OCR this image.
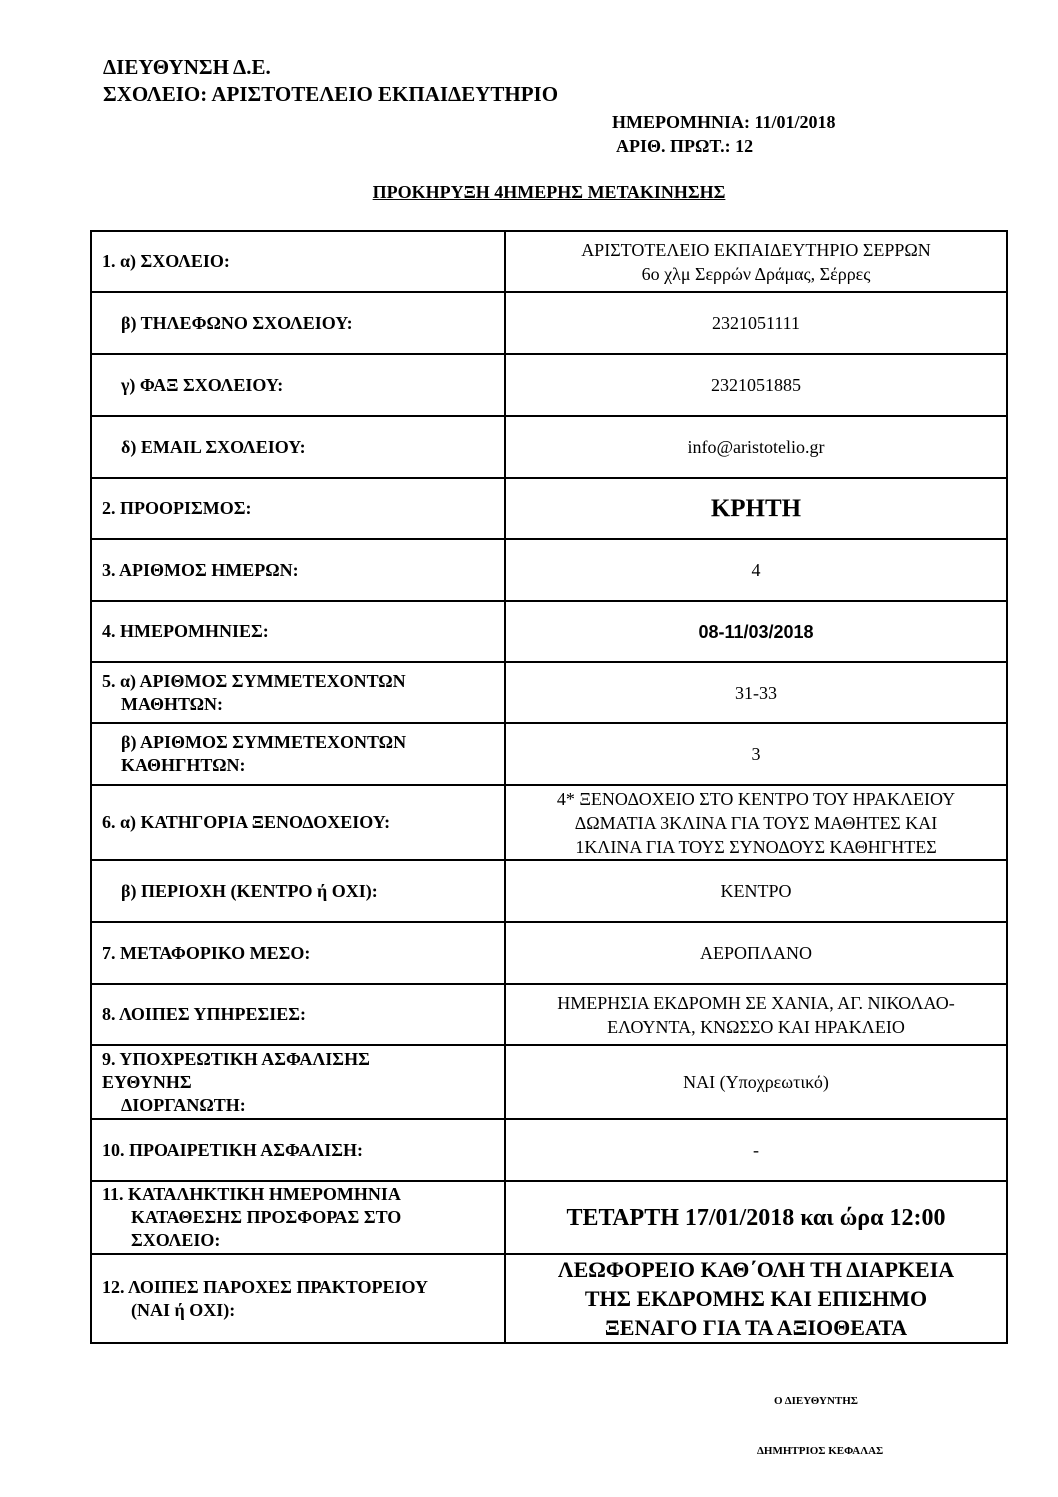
ΔΙΕΥΘΥΝΣΗ Δ.Ε.
ΣΧΟΛΕΙΟ: ΑΡΙΣΤΟΤΕΛΕΙΟ ΕΚΠΑΙΔΕΥΤΗΡΙΟ
ΗΜΕΡΟΜΗΝΙΑ: 11/01/2018
ΑΡΙΘ. ΠΡΩΤ.: 12
ΠΡΟΚΗΡΥΞΗ 4ΗΜΕΡΗΣ ΜΕΤΑΚΙΝΗΣΗΣ
1. α) ΣΧΟΛΕΙΟ:	ΑΡΙΣΤΟΤΕΛΕΙΟ ΕΚΠΑΙΔΕΥΤΗΡΙΟ ΣΕΡΡΩΝ
6ο χλμ Σερρών Δράμας, Σέρρες

β) ΤΗΛΕΦΩΝΟ ΣΧΟΛΕΙΟΥ:	2321051111

γ) ΦΑΞ ΣΧΟΛΕΙΟΥ:	2321051885

δ) EMAIL ΣΧΟΛΕΙΟΥ:	info@aristotelio.gr

2. ΠΡΟΟΡΙΣΜΟΣ:	ΚΡΗΤΗ

3. ΑΡΙΘΜΟΣ ΗΜΕΡΩΝ:	4

4. ΗΜΕΡΟΜΗΝΙΕΣ:	08-11/03/2018

5. α) ΑΡΙΘΜΟΣ ΣΥΜΜΕΤΕΧΟΝΤΩΝ
ΜΑΘΗΤΩΝ:	31-33

β) ΑΡΙΘΜΟΣ ΣΥΜΜΕΤΕΧΟΝΤΩΝ
ΚΑΘΗΓΗΤΩΝ:	3

6. α) ΚΑΤΗΓΟΡΙΑ ΞΕΝΟΔΟΧΕΙΟΥ:	4* ΞΕΝΟΔΟΧΕΙΟ ΣΤΟ ΚΕΝΤΡΟ ΤΟΥ ΗΡΑΚΛΕΙΟΥ
ΔΩΜΑΤΙΑ 3ΚΛΙΝΑ ΓΙΑ ΤΟΥΣ ΜΑΘΗΤΕΣ ΚΑΙ
1ΚΛΙΝΑ ΓΙΑ ΤΟΥΣ ΣΥΝΟΔΟΥΣ ΚΑΘΗΓΗΤΕΣ

β) ΠΕΡΙΟΧΗ (ΚΕΝΤΡΟ ή ΟΧΙ):	ΚΕΝΤΡΟ

7. ΜΕΤΑΦΟΡΙΚΟ ΜΕΣΟ:	ΑΕΡΟΠΛΑΝΟ

8. ΛΟΙΠΕΣ ΥΠΗΡΕΣΙΕΣ:	ΗΜΕΡΗΣΙΑ ΕΚΔΡΟΜΗ ΣΕ ΧΑΝΙΑ, ΑΓ. ΝΙΚΟΛΑΟ-
ΕΛΟΥΝΤΑ, ΚΝΩΣΣΟ ΚΑΙ ΗΡΑΚΛΕΙΟ

9. ΥΠΟΧΡΕΩΤΙΚΗ ΑΣΦΑΛΙΣΗΣ
ΕΥΘΥΝΗΣ
ΔΙΟΡΓΑΝΩΤΗ:	ΝΑΙ (Υποχρεωτικό)

10. ΠΡΟΑΙΡΕΤΙΚΗ ΑΣΦΑΛΙΣΗ:	-

11. ΚΑΤΑΛΗΚΤΙΚΗ ΗΜΕΡΟΜΗΝΙΑ
ΚΑΤΑΘΕΣΗΣ ΠΡΟΣΦΟΡΑΣ ΣΤΟ
ΣΧΟΛΕΙΟ:	ΤΕΤΑΡΤΗ 17/01/2018 και ώρα 12:00

12. ΛΟΙΠΕΣ ΠΑΡΟΧΕΣ ΠΡΑΚΤΟΡΕΙΟΥ
(ΝΑΙ ή ΟΧΙ):	ΛΕΩΦΟΡΕΙΟ ΚΑΘ΄ΟΛΗ ΤΗ ΔΙΑΡΚΕΙΑ
ΤΗΣ ΕΚΔΡΟΜΗΣ ΚΑΙ ΕΠΙΣΗΜΟ
ΞΕΝΑΓΟ ΓΙΑ ΤΑ ΑΞΙΟΘΕΑΤΑ
Ο ΔΙΕΥΘΥΝΤΗΣ
ΔΗΜΗΤΡΙΟΣ ΚΕΦΑΛΑΣ
